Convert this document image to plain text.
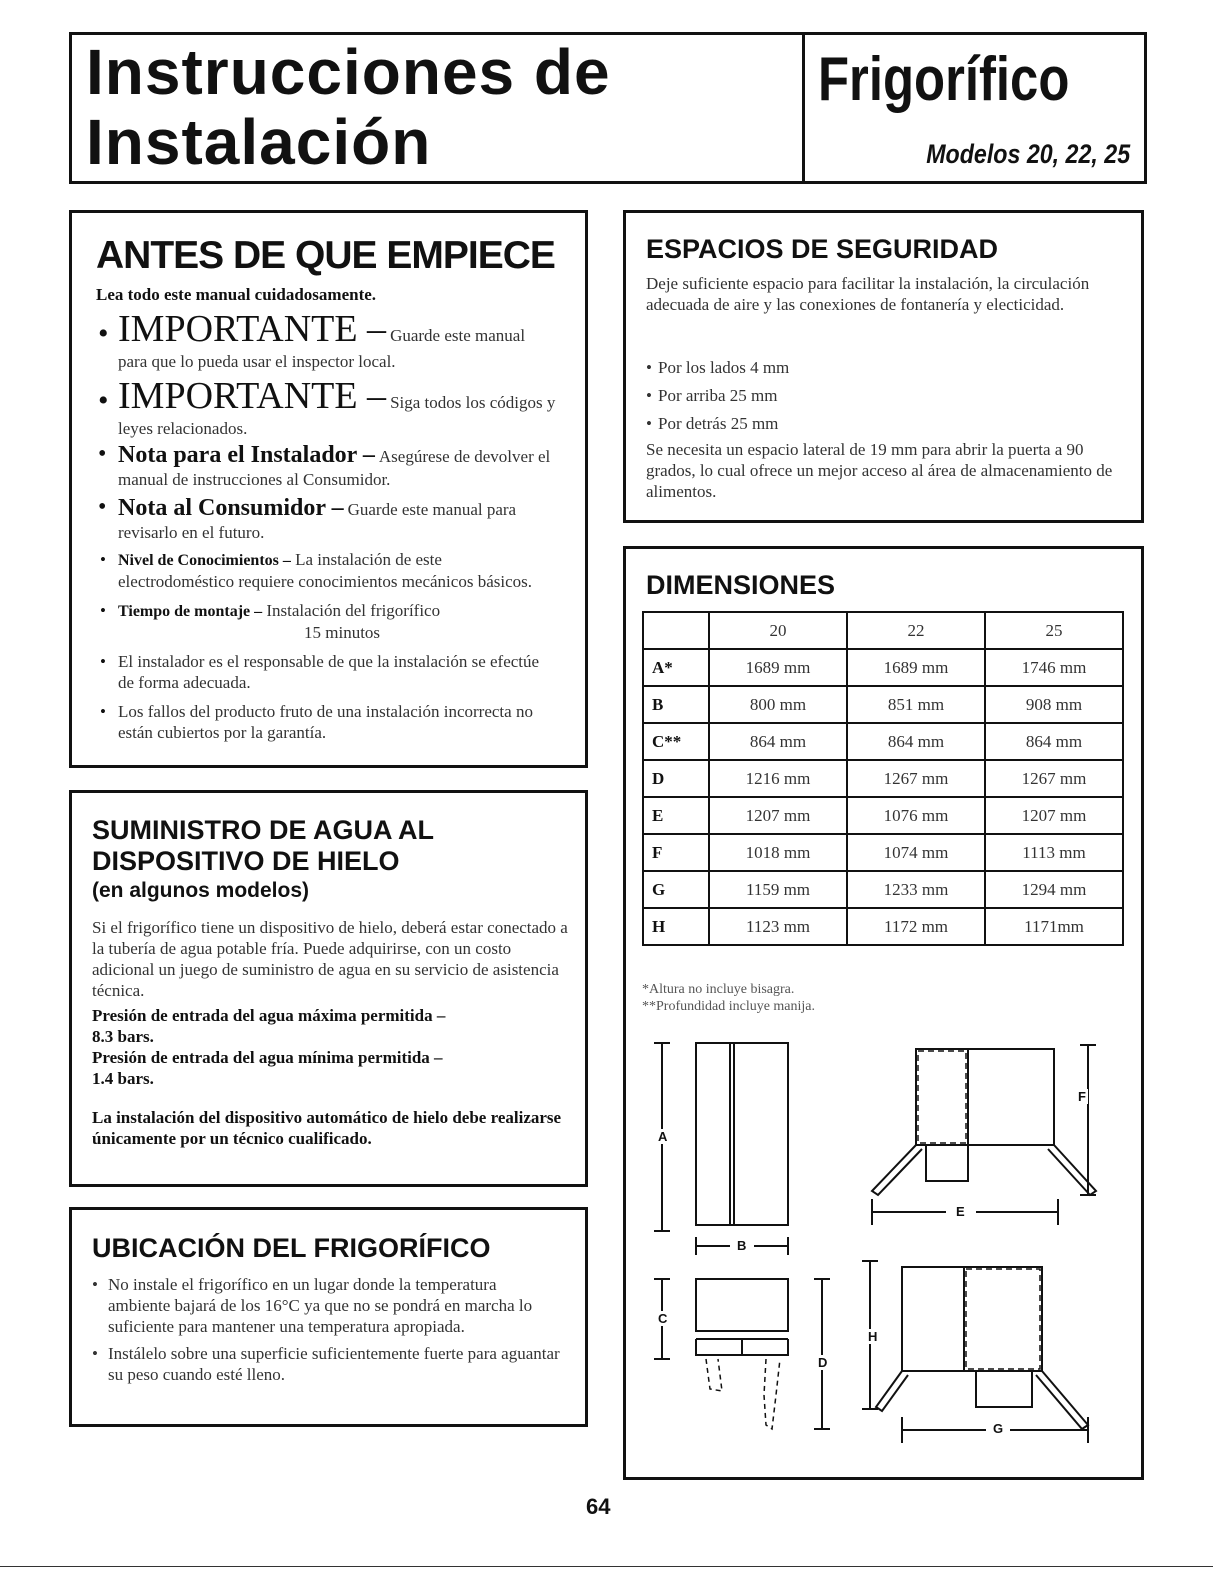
Instrucciones de
Instalación
Frigorífico
Modelos 20, 22, 25
ANTES DE QUE EMPIECE

Lea todo este manual cuidadosamente.

• IMPORTANTE – Guarde este manual para que lo pueda usar el inspector local.
• IMPORTANTE – Siga todos los códigos y leyes relacionados.
• Nota para el Instalador – Asegúrese de devolver el manual de instrucciones al Consumidor.
• Nota al Consumidor – Guarde este manual para revisarlo en el futuro.
• Nivel de Conocimientos – La instalación de este electrodoméstico requiere conocimientos mecánicos básicos.
• Tiempo de montaje – Instalación del frigorífico
15 minutos
• El instalador es el responsable de que la instalación se efectúe de forma adecuada.
• Los fallos del producto fruto de una instalación incorrecta no están cubiertos por la garantía.
SUMINISTRO DE AGUA AL
DISPOSITIVO DE HIELO
(en algunos modelos)

Si el frigorífico tiene un dispositivo de hielo, deberá estar conectado a la tubería de agua potable fría. Puede adquirirse, con un costo adicional un juego de suministro de agua en su servicio de asistencia técnica.

Presión de entrada del agua máxima permitida –
8.3 bars.
Presión de entrada del agua mínima permitida –
1.4 bars.

La instalación del dispositivo automático de hielo debe realizarse únicamente por un técnico cualificado.

UBICACIÓN DEL FRIGORÍFICO
• No instale el frigorífico en un lugar donde la temperatura ambiente bajará de los 16°C ya que no se pondrá en marcha lo suficiente para mantener una temperatura apropiada.
• Instálelo sobre una superficie suficientemente fuerte para aguantar su peso cuando esté lleno.
ESPACIOS DE SEGURIDAD

Deje suficiente espacio para facilitar la instalación, la circulación adecuada de aire y las conexiones de fontanería y electicidad.

• Por los lados 4 mm
• Por arriba 25 mm
• Por detrás 25 mm

Se necesita un espacio lateral de 19 mm para abrir la puerta a 90 grados, lo cual ofrece un mejor acceso al área de almacenamiento de alimentos.

DIMENSIONES
	20	22	25
A*	1689 mm	1689 mm	1746 mm
B	800 mm	851 mm	908 mm
C**	864 mm	864 mm	864 mm
D	1216 mm	1267 mm	1267 mm
E	1207 mm	1076 mm	1207 mm
F	1018 mm	1074 mm	1113 mm
G	1159 mm	1233 mm	1294 mm
H	1123 mm	1172 mm	1171mm
*Altura no incluye bisagra.
**Profundidad incluye manija.
A
B
C
D
E
F
G
H
64
